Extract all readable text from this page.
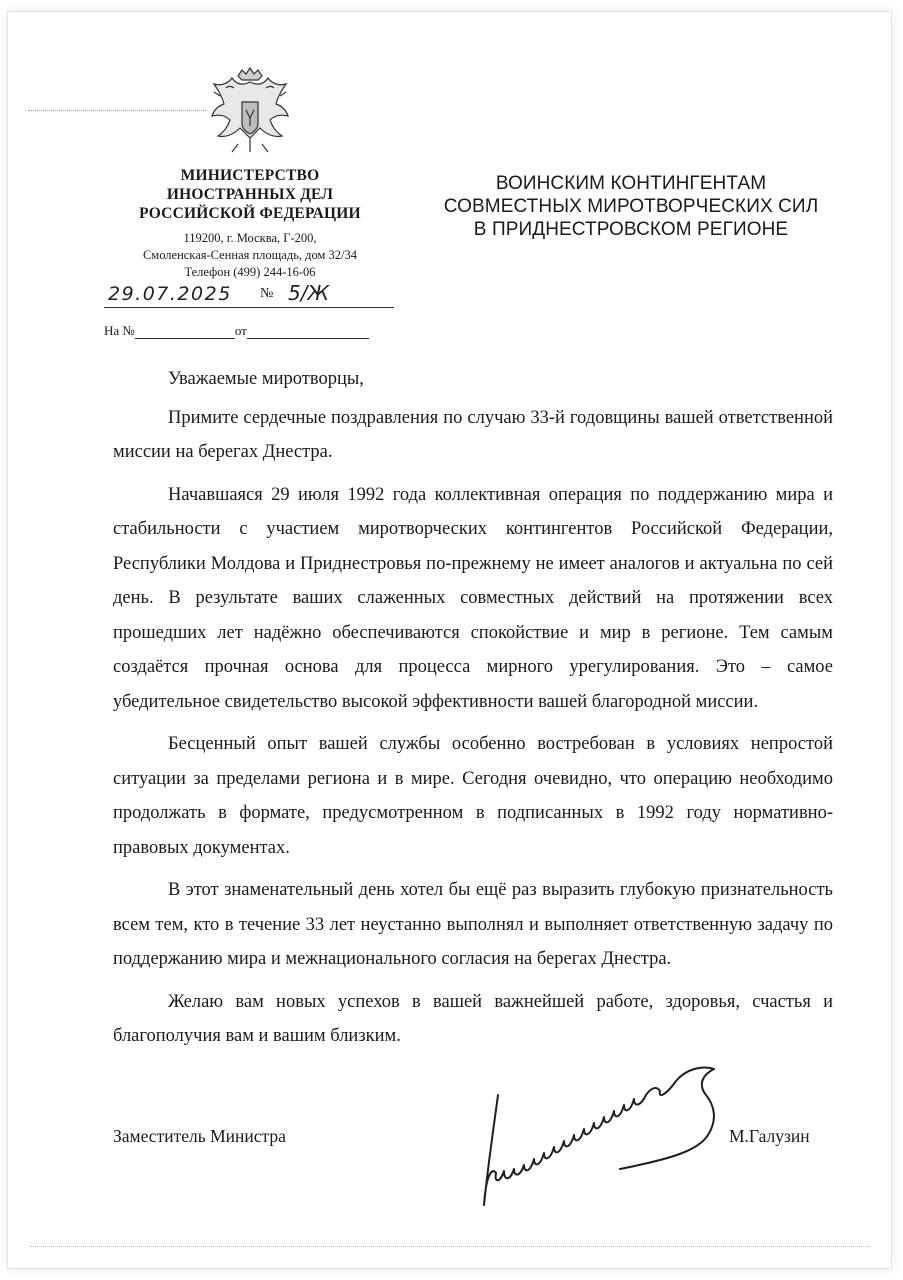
МИНИСТЕРСТВО
ИНОСТРАННЫХ ДЕЛ
РОССИЙСКОЙ ФЕДЕРАЦИИ
119200, г. Москва, Г-200,
Смоленская-Сенная площадь, дом 32/34
Телефон (499) 244-16-06
29.07.2025 № 5/Ж
На №	от
ВОИНСКИМ КОНТИНГЕНТАМ
СОВМЕСТНЫХ МИРОТВОРЧЕСКИХ СИЛ
В ПРИДНЕСТРОВСКОМ РЕГИОНЕ

Уважаемые миротворцы,

Примите сердечные поздравления по случаю 33-й годовщины вашей ответственной миссии на берегах Днестра.

Начавшаяся 29 июля 1992 года коллективная операция по поддержанию мира и стабильности с участием миротворческих контингентов Российской Федерации, Республики Молдова и Приднестровья по-прежнему не имеет аналогов и актуальна по сей день. В результате ваших слаженных совместных действий на протяжении всех прошедших лет надёжно обеспечиваются спокойствие и мир в регионе. Тем самым создаётся прочная основа для процесса мирного урегулирования. Это – самое убедительное свидетельство высокой эффективности вашей благородной миссии.

Бесценный опыт вашей службы особенно востребован в условиях непростой ситуации за пределами региона и в мире. Сегодня очевидно, что операцию необходимо продолжать в формате, предусмотренном в подписанных в 1992 году нормативно-правовых документах.

В этот знаменательный день хотел бы ещё раз выразить глубокую признательность всем тем, кто в течение 33 лет неустанно выполнял и выполняет ответственную задачу по поддержанию мира и межнационального согласия на берегах Днестра.

Желаю вам новых успехов в вашей важнейшей работе, здоровья, счастья и благополучия вам и вашим близким.

Заместитель Министра	М.Галузин
